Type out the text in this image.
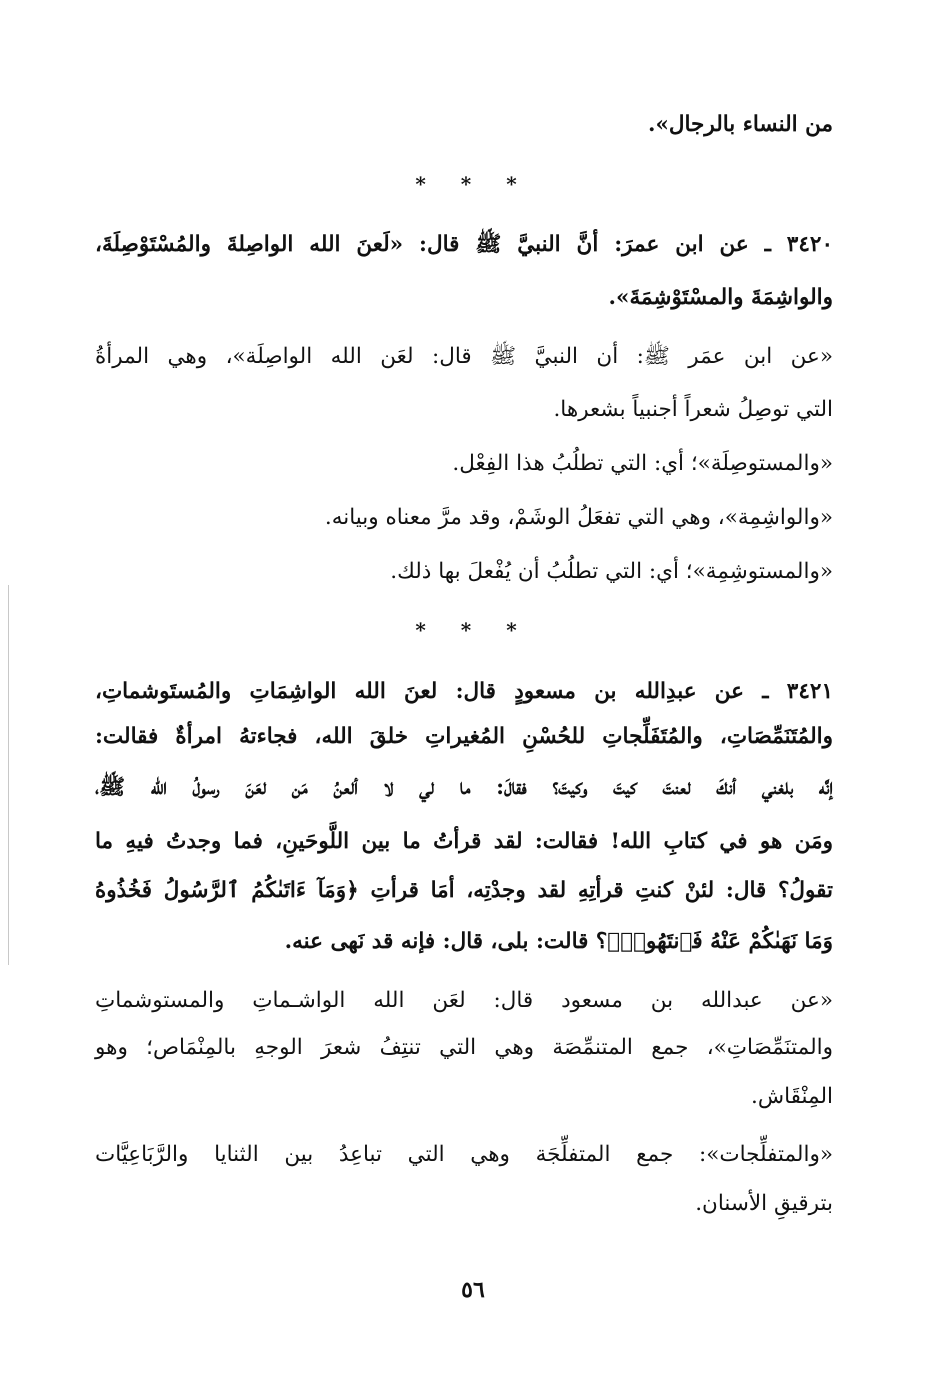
من النساء بالرجال».
* * *
٣٤٢٠ ـ عن ابن عمرَ: أنَّ النبيَّ ﷺ قال: «لَعنَ الله الواصِلةَ والمُسْتَوْصِلَةَ،
والواشِمَةَ والمسْتَوْشِمَةَ».
«عن ابن عمَر ﷺ: أن النبيَّ ﷺ قال: لعَن الله الواصِلَة»، وهي المرأةُ
التي توصِلُ شعراً أجنبياً بشعرها.
«والمستوصِلَة»؛ أي: التي تطلُبُ هذا الفِعْل.
«والواشِمِة»، وهي التي تفعَلُ الوشَمْ، وقد مرَّ معناه وبيانه.
«والمستوشِمِة»؛ أي: التي تطلُبُ أن يُفْعلَ بها ذلك.
* * *
٣٤٢١ ـ عن عبدِالله بن مسعودٍ قال: لعنَ الله الواشِمَاتِ والمُستَوشماتِ،
والمُتَنَمِّصَاتِ، والمُتَفَلِّجاتِ للحُسْنِ المُغيراتِ خلقَ الله، فجاءتهُ امرأةٌ فقالت:
إنَّه بلغني أنكَ لعنتَ كيتَ وكيتَ؟ فقالَ: ما لي لا ألعنُ مَن لعَنَ رسولُ الله ﷺ،
ومَن هو في كتابِ الله! فقالت: لقد قرأتُ ما بين اللَّوحَينِ، فما وجدتُ فيهِ ما
تقولُ؟ قال: لئنْ كنتِ قرأتِهِ لقد وجدْتِه، أمَا قرأتِ ﴿وَمَآ ءَاتَىٰكُمُ ٱلرَّسُولُ فَخُذُوهُ
وَمَا نَهَىٰكُمْ عَنْهُ فَٱنتَهُوا۟﴾؟ قالت: بلى، قال: فإنه قد نَهى عنه.
«عن عبدالله بن مسعود قال: لعَن الله الواشـماتِ والمستوشماتِ
والمتنَمِّصَاتِ»، جمع المتنمِّصَة وهي التي تنتِفُ شعرَ الوجهِ بالمِنْمَاص؛ وهو
المِنْقَاش.
«والمتفلِّجات»: جمع المتفلِّجَة وهي التي تباعِدُ بين الثنايا والرَّبَاعِيَّات
بترقيقِ الأسنان.
٥٦
